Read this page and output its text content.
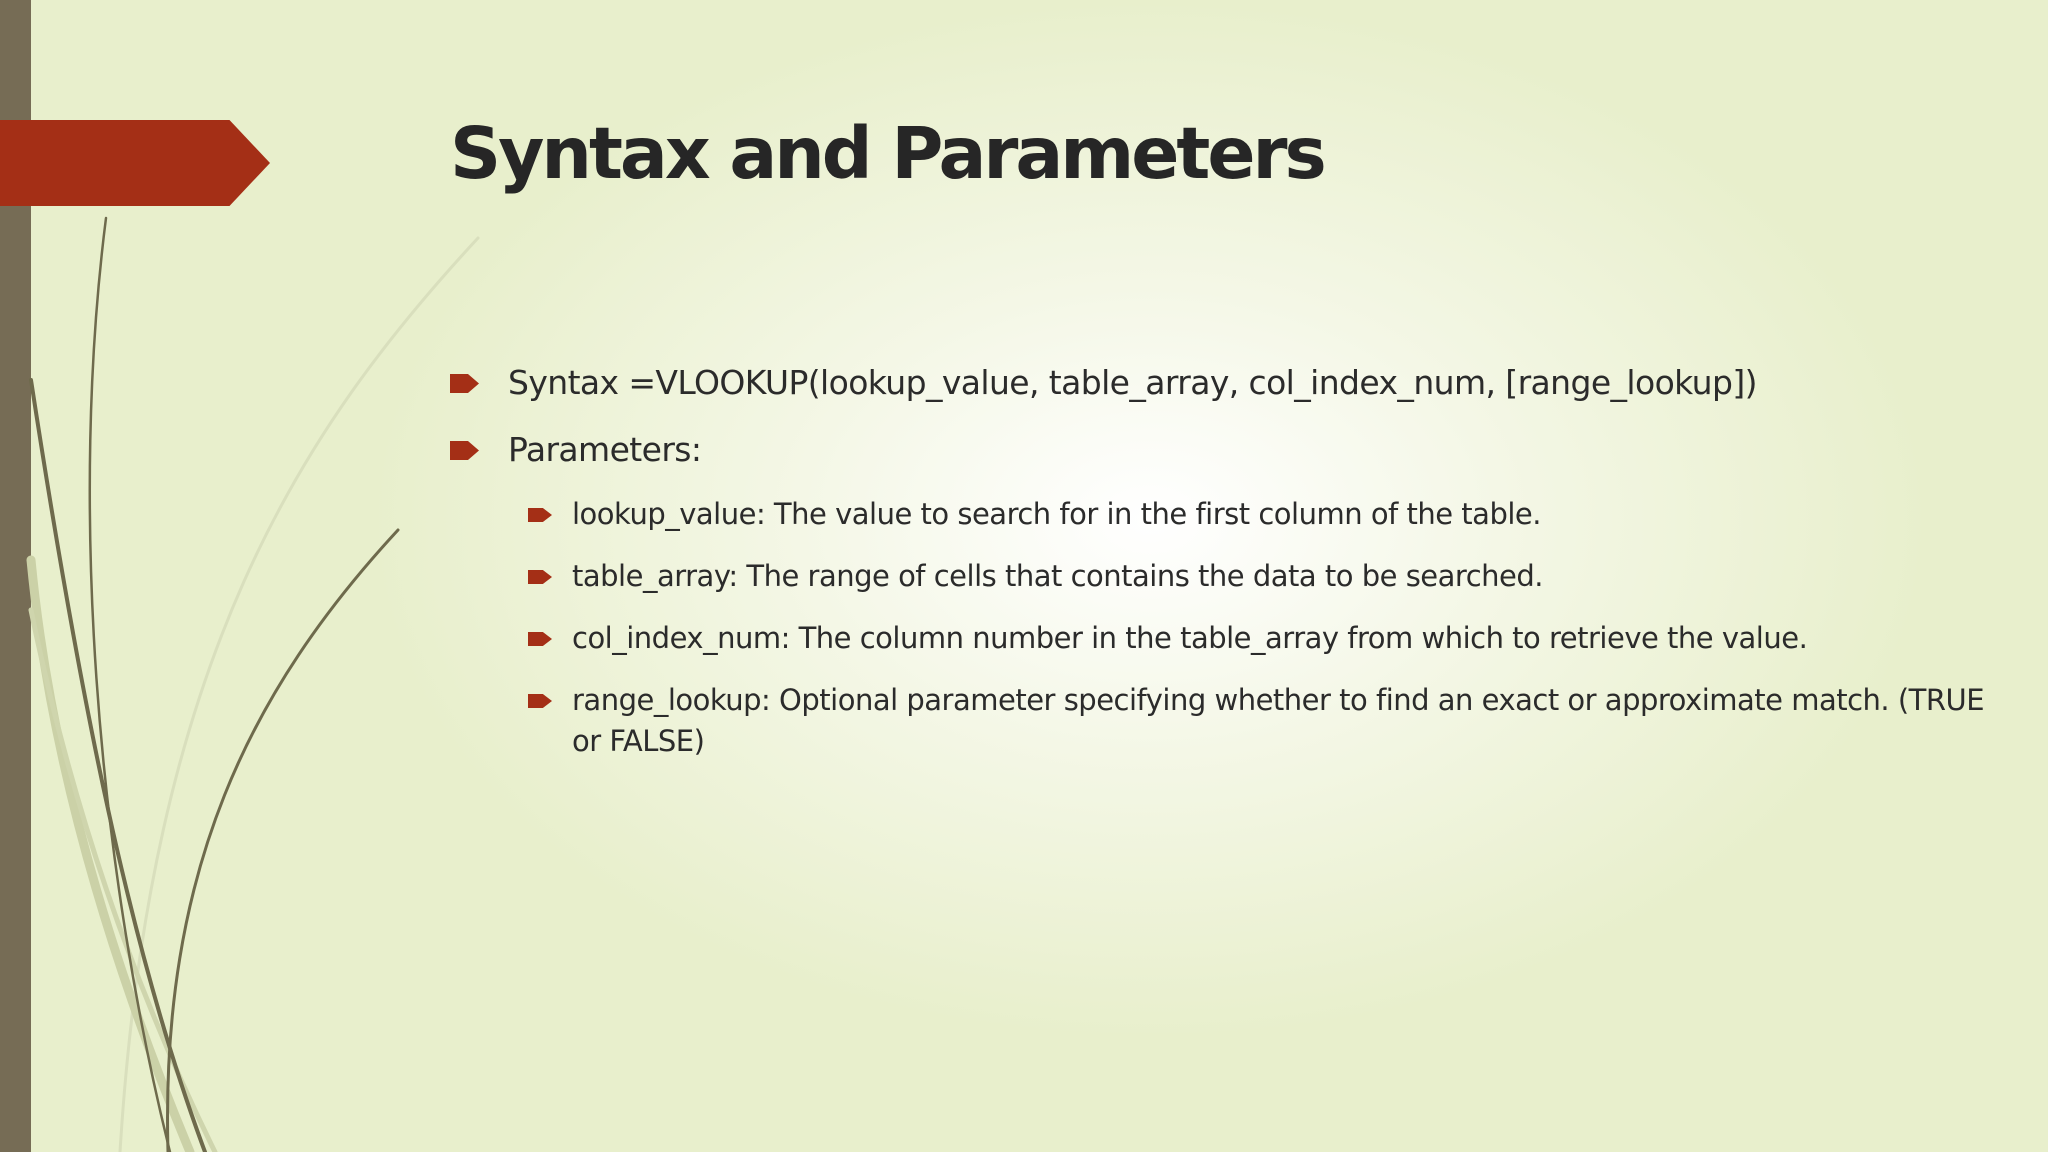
Syntax and Parameters
Syntax =VLOOKUP(lookup_value, table_array, col_index_num, [range_lookup])
Parameters:
lookup_value: The value to search for in the first column of the table.
table_array: The range of cells that contains the data to be searched.
col_index_num: The column number in the table_array from which to retrieve the value.
range_lookup: Optional parameter specifying whether to find an exact or approximate match. (TRUE or FALSE)
